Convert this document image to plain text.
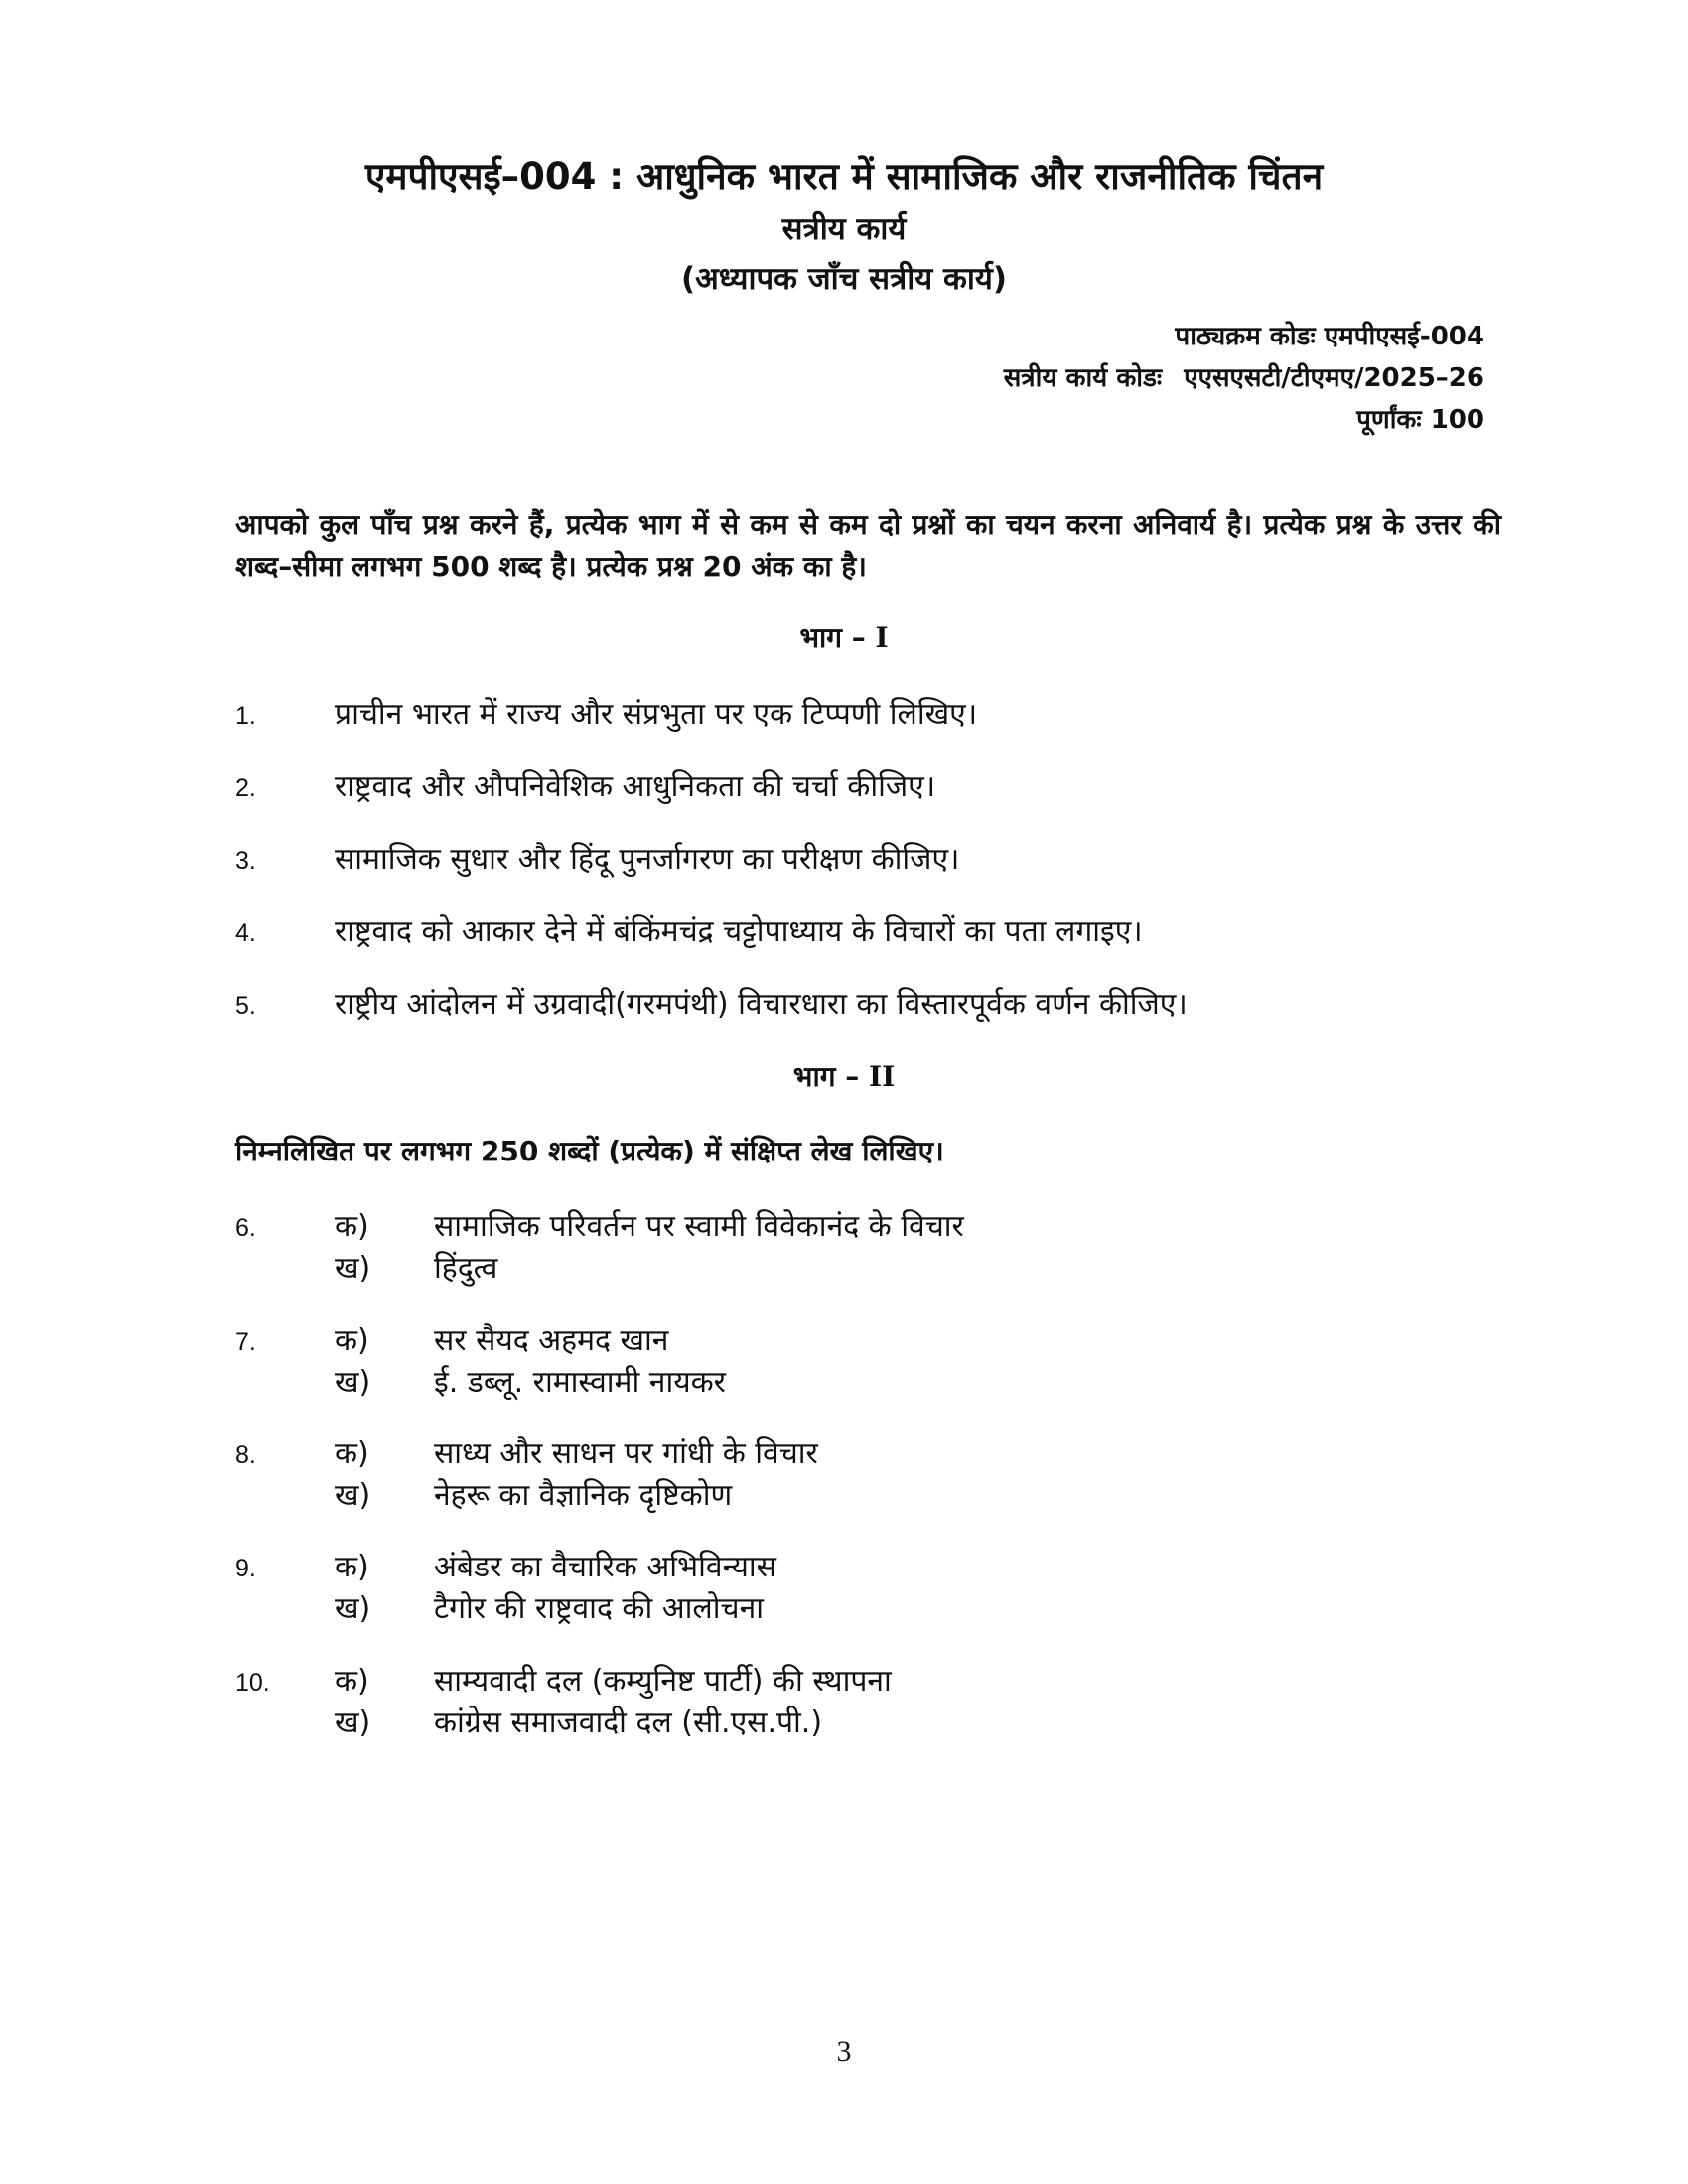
एमपीएसई–004 : आधुनिक भारत में सामाजिक और राजनीतिक चिंतन

सत्रीय कार्य

(अध्यापक जाँच सत्रीय कार्य)

पाठ्यक्रम कोडः एमपीएसई-004
सत्रीय कार्य कोडः एएसएसटी/टीएमए/2025–26
पूर्णांकः 100
आपको कुल पाँच प्रश्न करने हैं, प्रत्येक भाग में से कम से कम दो प्रश्नों का चयन करना अनिवार्य है। प्रत्येक प्रश्न के उत्तर की शब्द–सीमा लगभग 500 शब्द है। प्रत्येक प्रश्न 20 अंक का है।
भाग – I
1.	प्राचीन भारत में राज्य और संप्रभुता पर एक टिप्पणी लिखिए।
2.	राष्ट्रवाद और औपनिवेशिक आधुनिकता की चर्चा कीजिए।
3.	सामाजिक सुधार और हिंदू पुनर्जागरण का परीक्षण कीजिए।
4.	राष्ट्रवाद को आकार देने में बंकिंमचंद्र चट्टोपाध्याय के विचारों का पता लगाइए।
5.	राष्ट्रीय आंदोलन में उग्रवादी(गरमपंथी) विचारधारा का विस्तारपूर्वक वर्णन कीजिए।
भाग – II
निम्नलिखित पर लगभग 250 शब्दों (प्रत्येक) में संक्षिप्त लेख लिखिए।
6.	क) सामाजिक परिवर्तन पर स्वामी विवेकानंद के विचार
ख) हिंदुत्व
7.	क) सर सैयद अहमद खान
ख) ई. डब्लू. रामास्वामी नायकर
8.	क) साध्य और साधन पर गांधी के विचार
ख) नेहरू का वैज्ञानिक दृष्टिकोण
9.	क) अंबेडर का वैचारिक अभिविन्यास
ख) टैगोर की राष्ट्रवाद की आलोचना
10. क) साम्यवादी दल (कम्युनिष्ट पार्टी) की स्थापना
ख) कांग्रेस समाजवादी दल (सी.एस.पी.)
3
